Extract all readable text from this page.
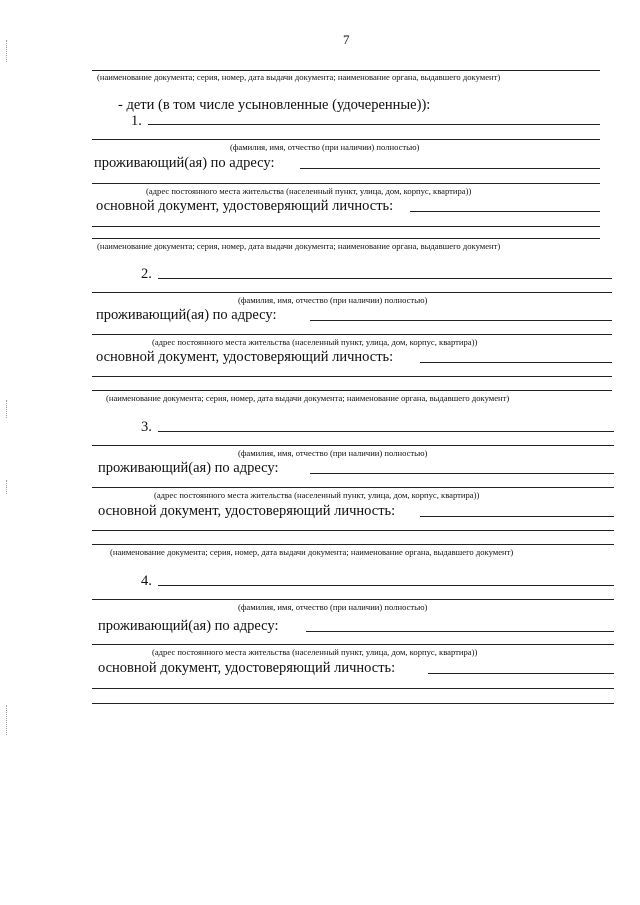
7
(наименование документа; серия, номер, дата выдачи документа; наименование органа, выдавшего документ)
- дети (в том числе усыновленные (удочеренные)):
1.
(фамилия, имя, отчество (при наличии) полностью)
проживающий(ая) по адресу:
(адрес постоянного места жительства (населенный пункт, улица, дом, корпус, квартира))
основной документ, удостоверяющий личность:
(наименование документа; серия, номер, дата выдачи документа; наименование органа, выдавшего документ)
2.
(фамилия, имя, отчество (при наличии) полностью)
проживающий(ая) по адресу:
(адрес постоянного места жительства (населенный пункт, улица, дом, корпус, квартира))
основной документ, удостоверяющий личность:
(наименование документа; серия, номер, дата выдачи документа; наименование органа, выдавшего документ)
3.
(фамилия, имя, отчество (при наличии) полностью)
проживающий(ая) по адресу:
(адрес постоянного места жительства (населенный пункт, улица, дом, корпус, квартира))
основной документ, удостоверяющий личность:
(наименование документа; серия, номер, дата выдачи документа; наименование органа, выдавшего документ)
4.
(фамилия, имя, отчество (при наличии) полностью)
проживающий(ая) по адресу:
(адрес постоянного места жительства (населенный пункт, улица, дом, корпус, квартира))
основной документ, удостоверяющий личность:
